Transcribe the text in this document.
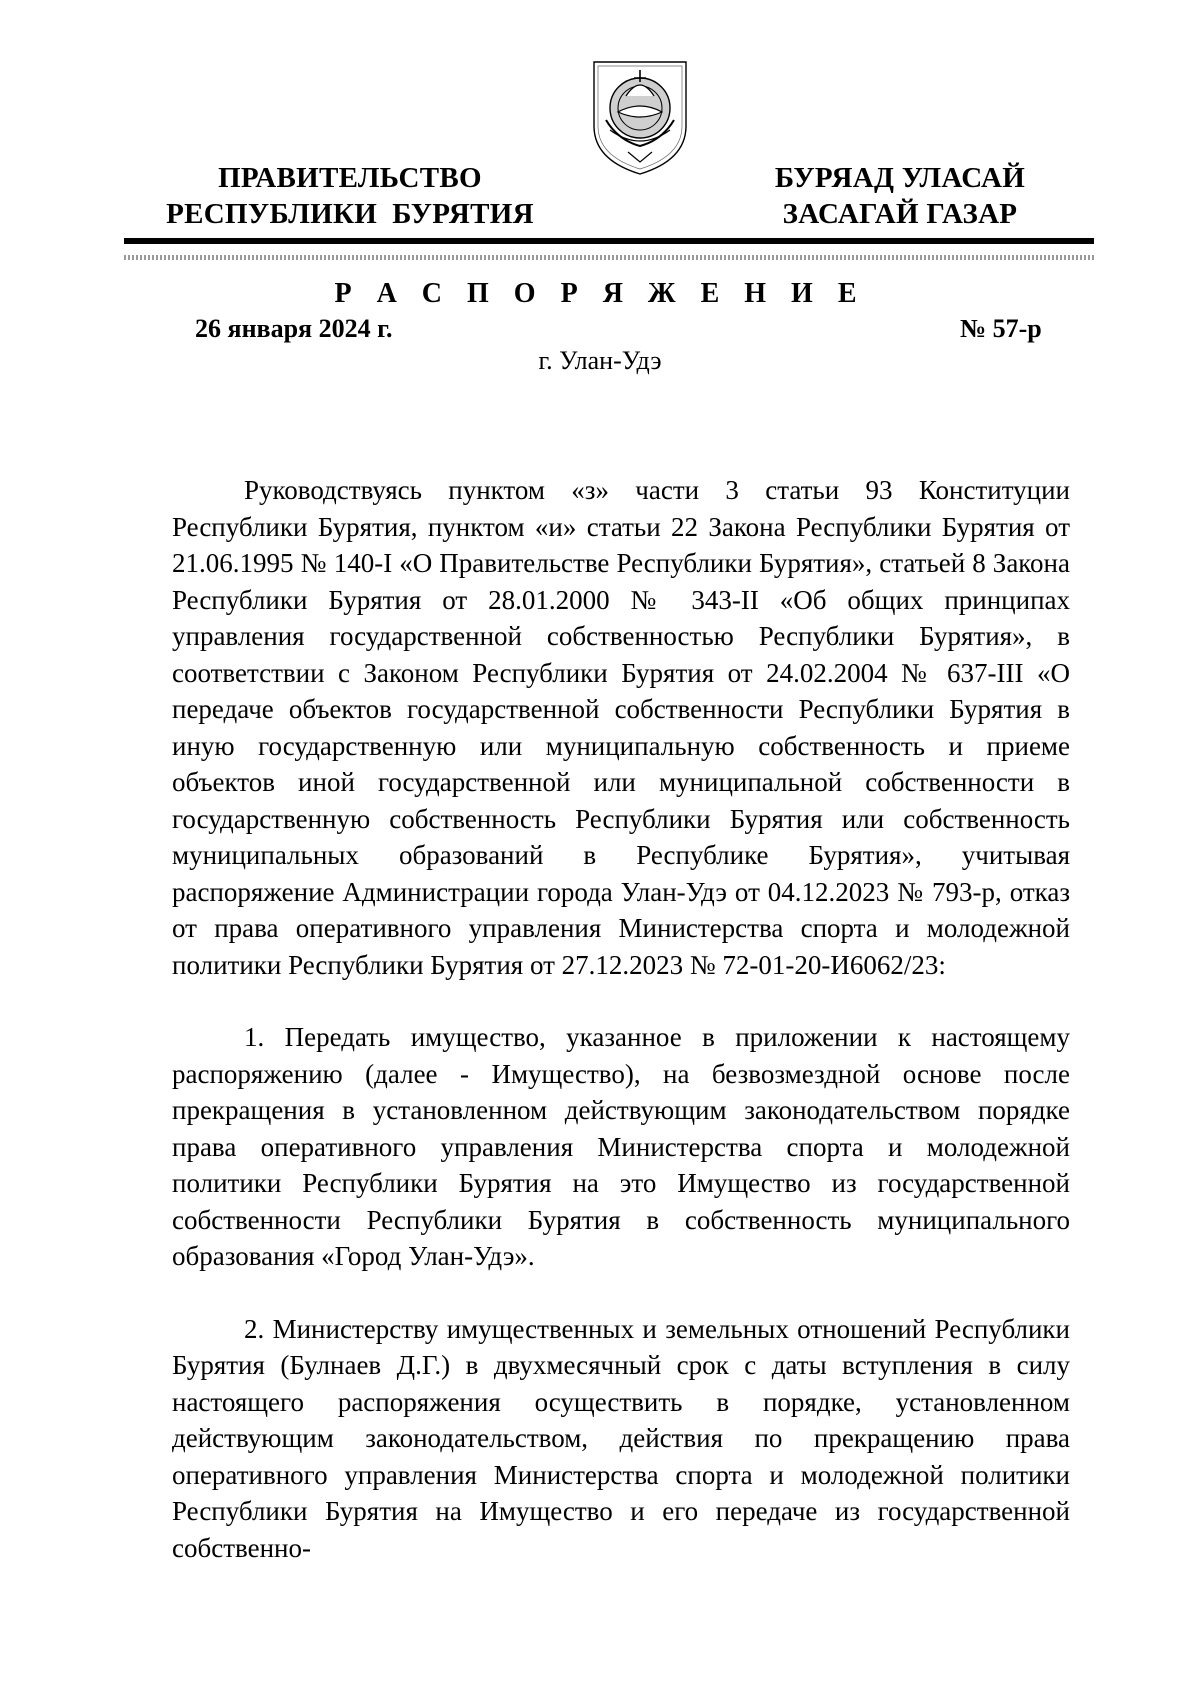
ПРАВИТЕЛЬСТВО
РЕСПУБЛИКИ  БУРЯТИЯ
БУРЯАД УЛАСАЙ
ЗАСАГАЙ ГАЗАР
Р А С П О Р Я Ж Е Н И Е
26 января 2024 г.	№ 57-р
г. Улан-Удэ

Руководствуясь пунктом «з» части 3 статьи 93 Конституции Республики Бурятия, пунктом «и» статьи 22 Закона Республики Бурятия от 21.06.1995 № 140-I «О Правительстве Республики Бурятия», статьей 8 Закона Республики Бурятия от 28.01.2000 № 343-II «Об общих принципах управления государственной собственностью Республики Бурятия», в соответствии с Законом Республики Бурятия от 24.02.2004 № 637-III «О передаче объектов государственной собственности Республики Бурятия в иную государственную или муниципальную собственность и приеме объектов иной государственной или муниципальной собственности в государственную собственность Республики Бурятия или собственность муниципальных образований в Республике Бурятия», учитывая распоряжение Администрации города Улан-Удэ от 04.12.2023 № 793-р, отказ от права оперативного управления Министерства спорта и молодежной политики Республики Бурятия от 27.12.2023 № 72-01-20-И6062/23:

1. Передать имущество, указанное в приложении к настоящему распоряжению (далее - Имущество), на безвозмездной основе после прекращения в установленном действующим законодательством порядке права оперативного управления Министерства спорта и молодежной политики Республики Бурятия на это Имущество из государственной собственности Республики Бурятия в собственность муниципального образования «Город Улан-Удэ».

2. Министерству имущественных и земельных отношений Республики Бурятия (Булнаев Д.Г.) в двухмесячный срок с даты вступления в силу настоящего распоряжения осуществить в порядке, установленном действующим законодательством, действия по прекращению права оперативного управления Министерства спорта и молодежной политики Республики Бурятия на Имущество и его передаче из государственной собственно-
